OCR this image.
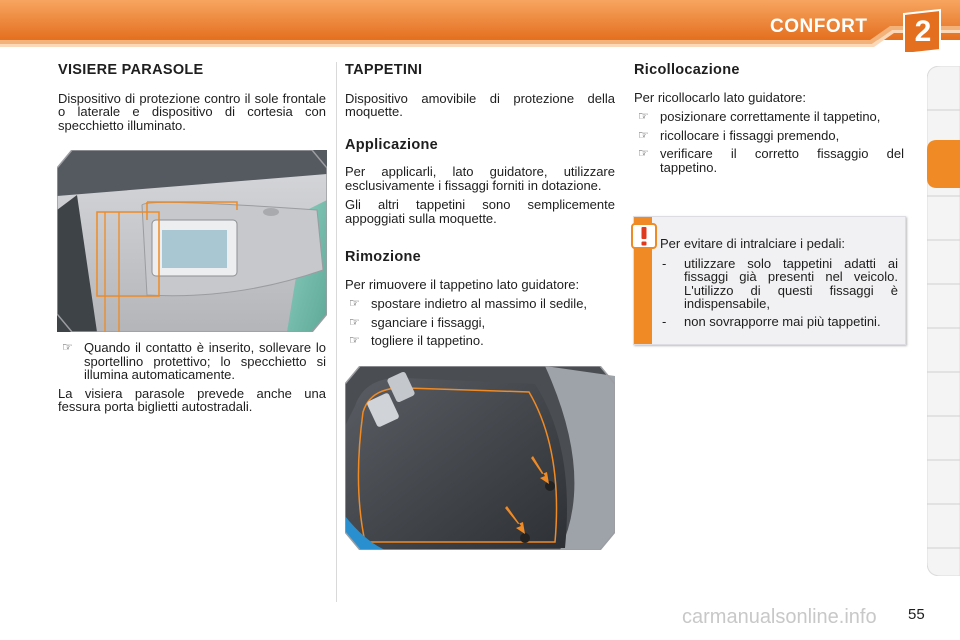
CONFORT 2
VISIERE PARASOLE

Dispositivo di protezione contro il sole frontale o laterale e dispositivo di cortesia con specchietto illuminato.

☞ Quando il contatto è inserito, sollevare lo sportellino protettivo; lo specchietto si illumina automaticamente.

La visiera parasole prevede anche una fessura porta biglietti autostradali.

TAPPETINI

Dispositivo amovibile di protezione della moquette.

Applicazione

Per applicarli, lato guidatore, utilizzare esclusivamente i fissaggi forniti in dotazione.

Gli altri tappetini sono semplicemente appoggiati sulla moquette.

Rimozione

Per rimuovere il tappetino lato guidatore:

☞ spostare indietro al massimo il sedile,
☞ sganciare i fissaggi,
☞ togliere il tappetino.
Ricollocazione

Per ricollocarlo lato guidatore:

☞ posizionare correttamente il tappetino,
☞ ricollocare i fissaggi premendo,
☞ verificare il corretto fissaggio del tappetino.

Per evitare di intralciare i pedali:

-	utilizzare solo tappetini adatti ai fissaggi già presenti nel veicolo. L'utilizzo di questi fissaggi è indispensabile,
-	non sovrapporre mai più tappetini.
carmanualsonline.info 55
